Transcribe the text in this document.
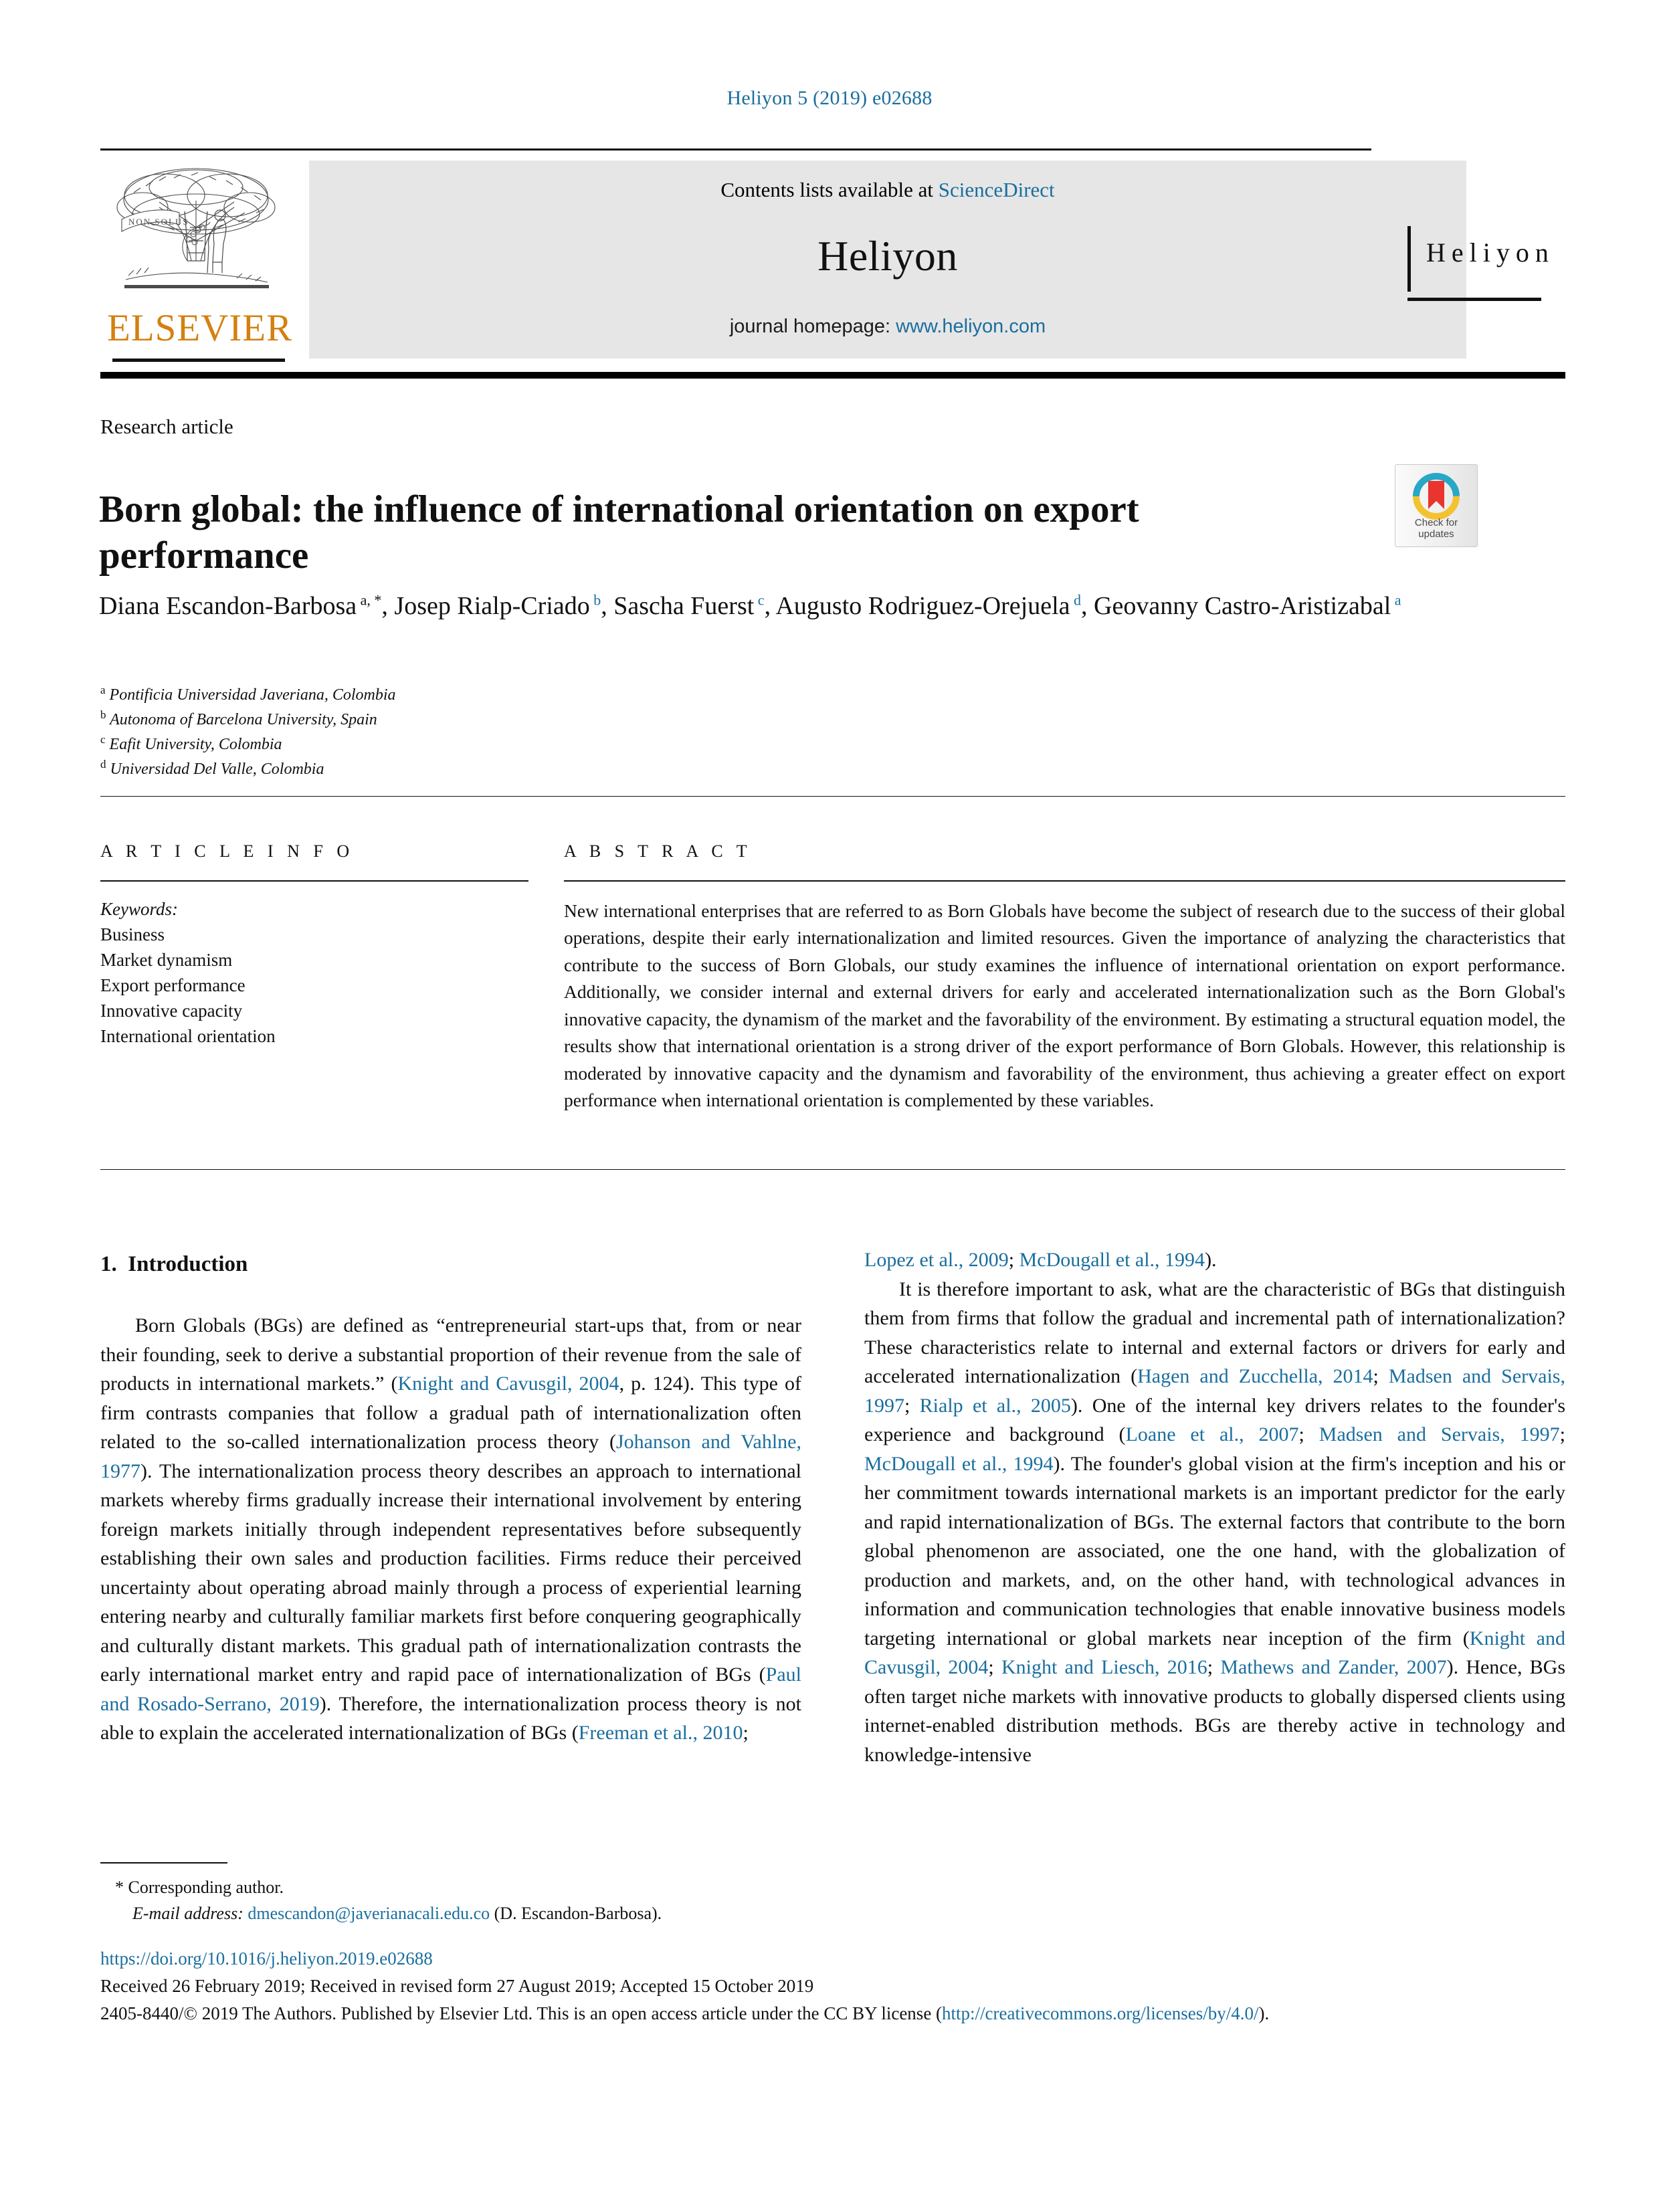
Heliyon 5 (2019) e02688
NON SOLUS
ELSEVIER
Contents lists available at ScienceDirect
Heliyon
journal homepage: www.heliyon.com
Heliyon
Research article
Born global: the influence of international orientation on export performance
Check for
updates
Diana Escandon-Barbosa $^{a, *}$, Josep Rialp-Criado $^b$, Sascha Fuerst $^c$, Augusto Rodriguez-Orejuela $^d$, Geovanny Castro-Aristizabal $^a$
$^a$ Pontificia Universidad Javeriana, Colombia
$^b$ Autonoma of Barcelona University, Spain
$^c$ Eafit University, Colombia
$^d$ Universidad Del Valle, Colombia
A R T I C L E I N F O
Keywords:
Business
Market dynamism
Export performance
Innovative capacity
International orientation
A B S T R A C T
New international enterprises that are referred to as Born Globals have become the subject of research due to the success of their global operations, despite their early internationalization and limited resources. Given the importance of analyzing the characteristics that contribute to the success of Born Globals, our study examines the influence of international orientation on export performance. Additionally, we consider internal and external drivers for early and accelerated internationalization such as the Born Global's innovative capacity, the dynamism of the market and the favorability of the environment. By estimating a structural equation model, the results show that international orientation is a strong driver of the export performance of Born Globals. However, this relationship is moderated by innovative capacity and the dynamism and favorability of the environment, thus achieving a greater effect on export performance when international orientation is complemented by these variables.
1. Introduction

Born Globals (BGs) are defined as “entrepreneurial start-ups that, from or near their founding, seek to derive a substantial proportion of their revenue from the sale of products in international markets.” (Knight and Cavusgil, 2004, p. 124). This type of firm contrasts companies that follow a gradual path of internationalization often related to the so-called internationalization process theory (Johanson and Vahlne, 1977). The internationalization process theory describes an approach to international markets whereby firms gradually increase their international involvement by entering foreign markets initially through independent representatives before subsequently establishing their own sales and production facilities. Firms reduce their perceived uncertainty about operating abroad mainly through a process of experiential learning entering nearby and culturally familiar markets first before conquering geographically and culturally distant markets. This gradual path of internationalization contrasts the early international market entry and rapid pace of internationalization of BGs (Paul and Rosado-Serrano, 2019). Therefore, the internationalization process theory is not able to explain the accelerated internationalization of BGs (Freeman et al., 2010;

Lopez et al., 2009; McDougall et al., 1994).

It is therefore important to ask, what are the characteristic of BGs that distinguish them from firms that follow the gradual and incremental path of internationalization? These characteristics relate to internal and external factors or drivers for early and accelerated internationalization (Hagen and Zucchella, 2014; Madsen and Servais, 1997; Rialp et al., 2005). One of the internal key drivers relates to the founder's experience and background (Loane et al., 2007; Madsen and Servais, 1997; McDougall et al., 1994). The founder's global vision at the firm's inception and his or her commitment towards international markets is an important predictor for the early and rapid internationalization of BGs. The external factors that contribute to the born global phenomenon are associated, one the one hand, with the globalization of production and markets, and, on the other hand, with technological advances in information and communication technologies that enable innovative business models targeting international or global markets near inception of the firm (Knight and Cavusgil, 2004; Knight and Liesch, 2016; Mathews and Zander, 2007). Hence, BGs often target niche markets with innovative products to globally dispersed clients using internet-enabled distribution methods. BGs are thereby active in technology and knowledge-intensive

* Corresponding author.
E-mail address: dmescandon@javerianacali.edu.co (D. Escandon-Barbosa).
https://doi.org/10.1016/j.heliyon.2019.e02688
Received 26 February 2019; Received in revised form 27 August 2019; Accepted 15 October 2019
2405-8440/© 2019 The Authors. Published by Elsevier Ltd. This is an open access article under the CC BY license (http://creativecommons.org/licenses/by/4.0/).
